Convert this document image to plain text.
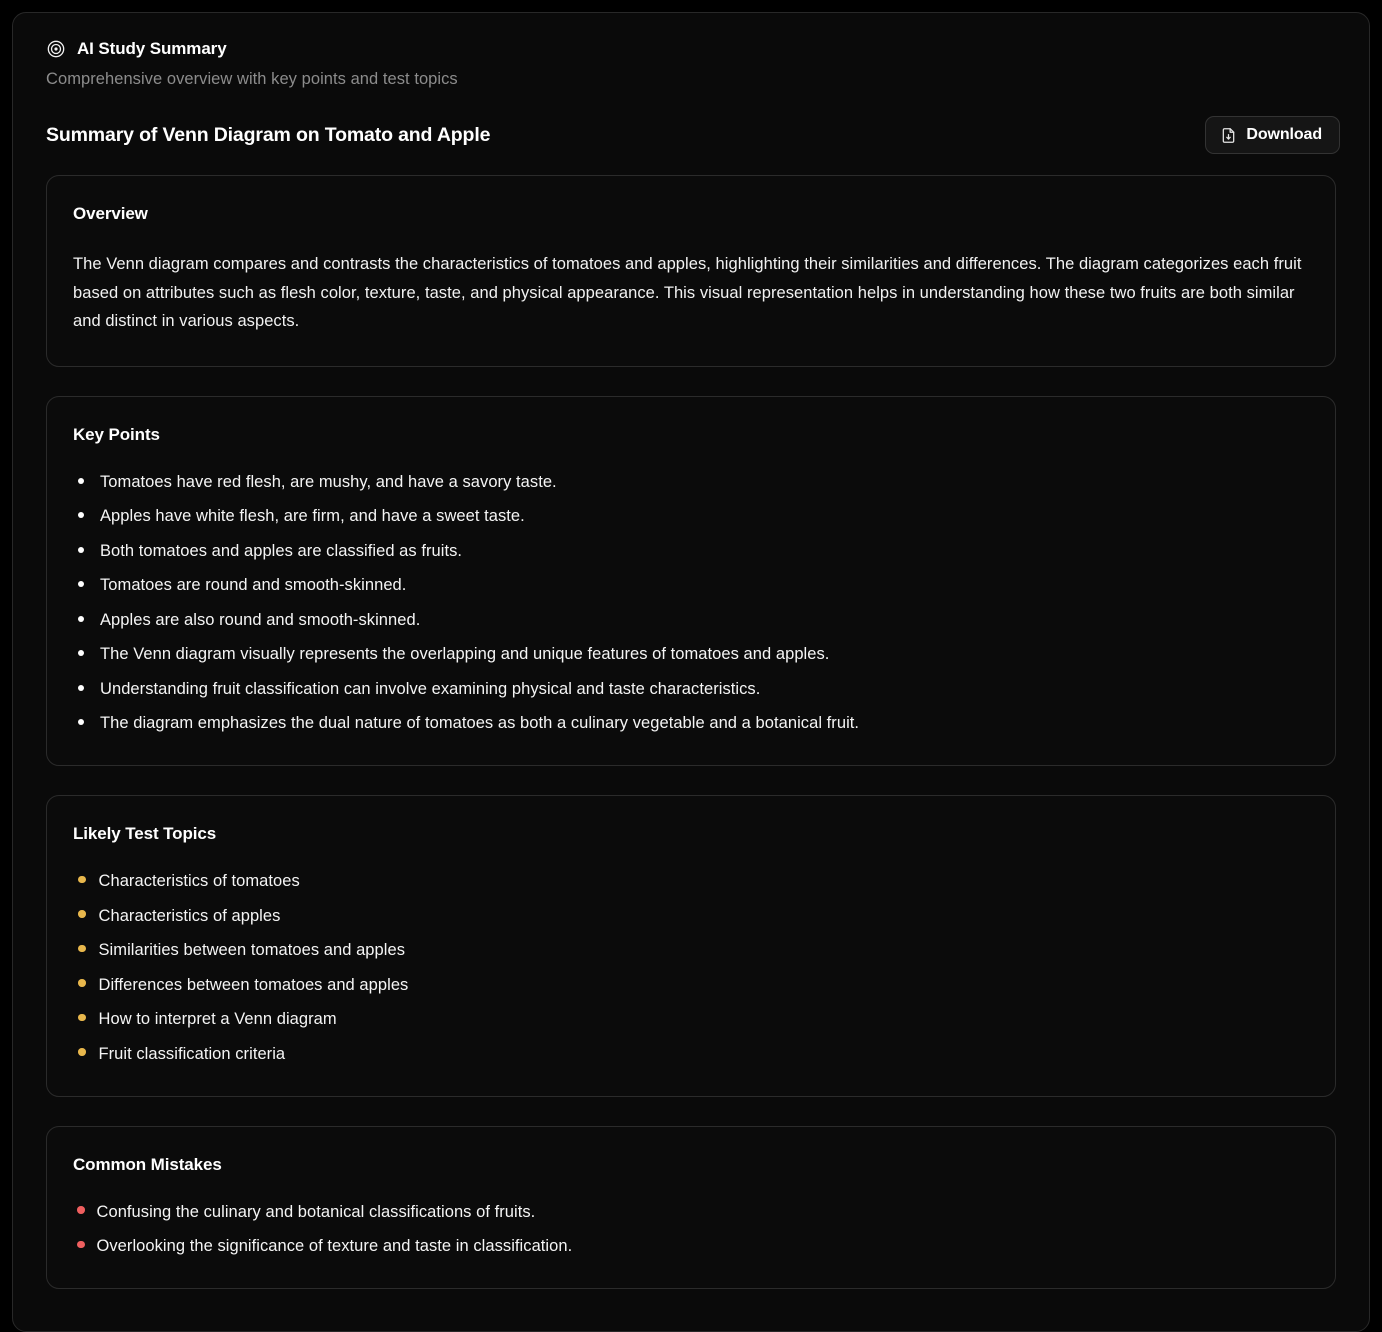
AI Study Summary
Comprehensive overview with key points and test topics
Summary of Venn Diagram on Tomato and Apple	Download
Overview

The Venn diagram compares and contrasts the characteristics of tomatoes and apples, highlighting their similarities and differences. The diagram categorizes each fruit based on attributes such as flesh color, texture, taste, and physical appearance. This visual representation helps in understanding how these two fruits are both similar and distinct in various aspects.

Key Points
Tomatoes have red flesh, are mushy, and have a savory taste.
Apples have white flesh, are firm, and have a sweet taste.
Both tomatoes and apples are classified as fruits.
Tomatoes are round and smooth-skinned.
Apples are also round and smooth-skinned.
The Venn diagram visually represents the overlapping and unique features of tomatoes and apples.
Understanding fruit classification can involve examining physical and taste characteristics.
The diagram emphasizes the dual nature of tomatoes as both a culinary vegetable and a botanical fruit.
Likely Test Topics
Characteristics of tomatoes
Characteristics of apples
Similarities between tomatoes and apples
Differences between tomatoes and apples
How to interpret a Venn diagram
Fruit classification criteria
Common Mistakes
Confusing the culinary and botanical classifications of fruits.
Overlooking the significance of texture and taste in classification.
